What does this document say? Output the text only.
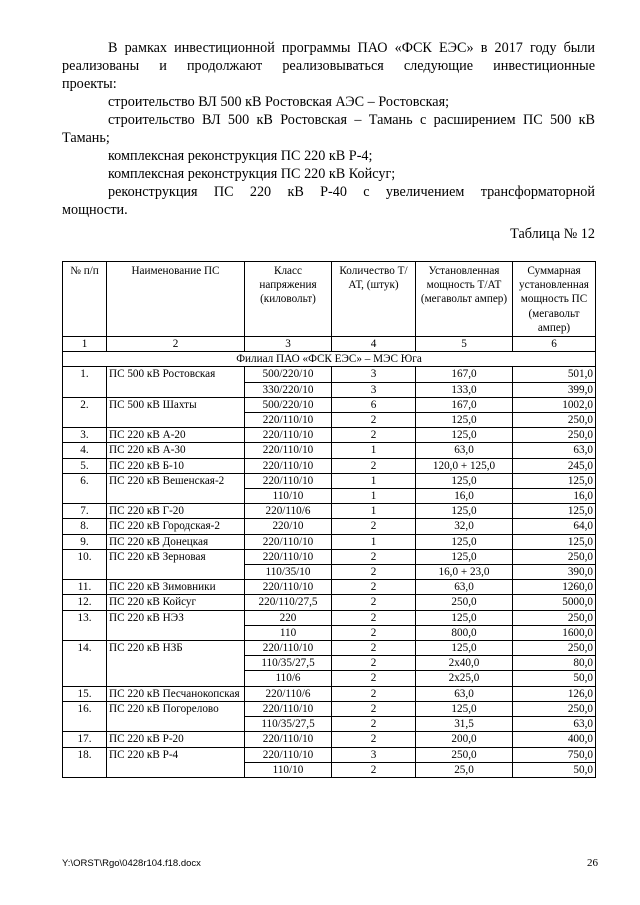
В рамках инвестиционной программы ПАО «ФСК ЕЭС» в 2017 году были
реализованы и продолжают реализовываться следующие инвестиционные
проекты:
строительство ВЛ 500 кВ Ростовская АЭС – Ростовская;
строительство ВЛ 500 кВ Ростовская – Тамань с расширением ПС 500 кВ
Тамань;
комплексная реконструкция ПС 220 кВ Р-4;
комплексная реконструкция ПС 220 кВ Койсуг;
реконструкция ПС 220 кВ Р-40 с увеличением трансформаторной
мощности.
Таблица № 12
№ п/п	Наименование ПС	Класс напряжения (киловольт)	Количество Т/АТ, (штук)	Установленная мощность Т/АТ (мегавольт ампер)	Суммарная установленная мощность ПС (мегавольт ампер)
1	2	3	4	5	6
Филиал ПАО «ФСК ЕЭС» – МЭС Юга					
1.	ПС 500 кВ Ростовская	500/220/10	3	167,0	501,0
		330/220/10	3	133,0	399,0
2.	ПС 500 кВ Шахты	500/220/10	6	167,0	1002,0
		220/110/10	2	125,0	250,0
3.	ПС 220 кВ А-20	220/110/10	2	125,0	250,0
4.	ПС 220 кВ А-30	220/110/10	1	63,0	63,0
5.	ПС 220 кВ Б-10	220/110/10	2	120,0 + 125,0	245,0
6.	ПС 220 кВ Вешенская-2	220/110/10	1	125,0	125,0
		110/10	1	16,0	16,0
7.	ПС 220 кВ Г-20	220/110/6	1	125,0	125,0
8.	ПС 220 кВ Городская-2	220/10	2	32,0	64,0
9.	ПС 220 кВ Донецкая	220/110/10	1	125,0	125,0
10.	ПС 220 кВ Зерновая	220/110/10	2	125,0	250,0
		110/35/10	2	16,0 + 23,0	390,0
11.	ПС 220 кВ Зимовники	220/110/10	2	63,0	1260,0
12.	ПС 220 кВ Койсуг	220/110/27,5	2	250,0	5000,0
13.	ПС 220 кВ НЭЗ	220	2	125,0	250,0
		110	2	800,0	1600,0
14.	ПС 220 кВ НЗБ	220/110/10	2	125,0	250,0
		110/35/27,5	2	2х40,0	80,0
		110/6	2	2х25,0	50,0
15.	ПС 220 кВ Песчанокопская	220/110/6	2	63,0	126,0
16.	ПС 220 кВ Погорелово	220/110/10	2	125,0	250,0
		110/35/27,5	2	31,5	63,0
17.	ПС 220 кВ Р-20	220/110/10	2	200,0	400,0
18.	ПС 220 кВ Р-4	220/110/10	3	250,0	750,0
		110/10	2	25,0	50,0
Y:\ORST\Rgo\0428r104.f18.docx	26
